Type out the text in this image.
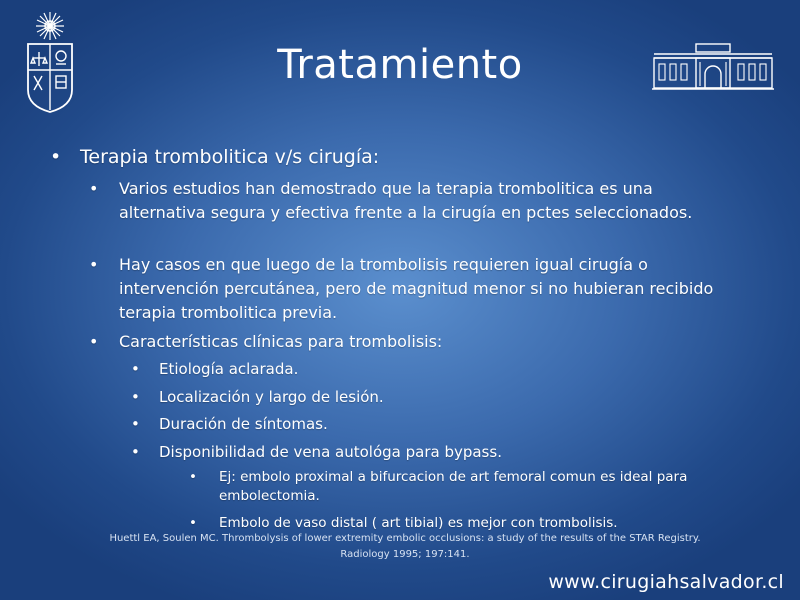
Tratamiento
• Terapia trombolitica v/s cirugía:
• Varios estudios han demostrado que la terapia trombolitica es una alternativa segura y efectiva frente a la cirugía en pctes seleccionados.
• Hay casos en que luego de la trombolisis requieren igual cirugía o intervención percutánea, pero de magnitud menor si no hubieran recibido terapia trombolitica previa.
• Características clínicas para trombolisis:
• Etiología aclarada.
• Localización y largo de lesión.
• Duración de síntomas.
• Disponibilidad de vena autológa para bypass.
• Ej: embolo proximal a bifurcacion de art femoral comun es ideal para embolectomia.
• Embolo de vaso distal ( art tibial) es mejor con trombolisis.
Huettl EA, Soulen MC. Thrombolysis of lower extremity embolic occlusions: a study of the results of the STAR Registry.
Radiology 1995; 197:141.
www.cirugiahsalvador.cl
